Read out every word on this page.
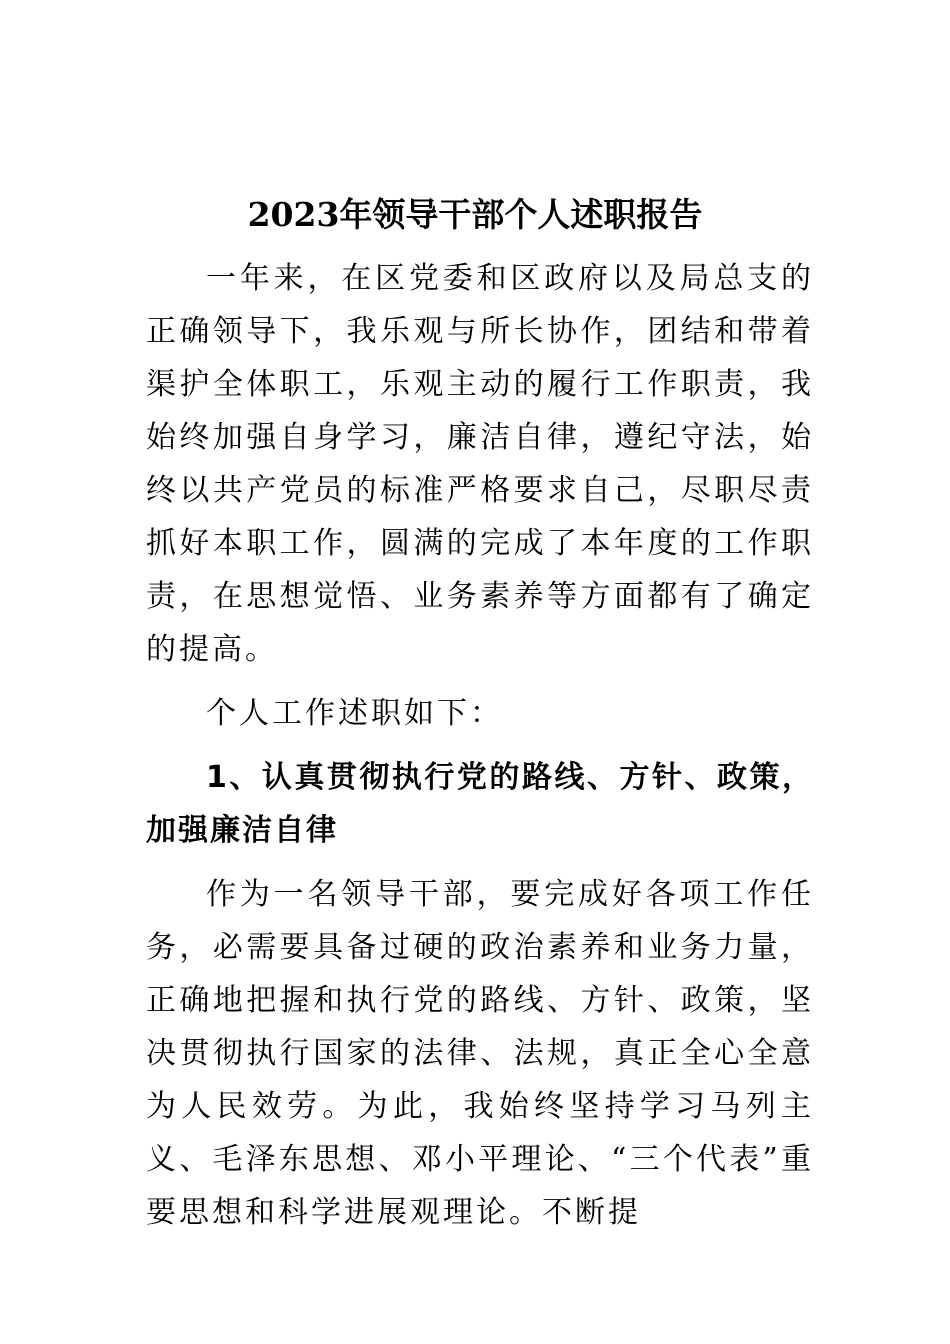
2023年领导干部个人述职报告

一年来，在区党委和区政府以及局总支的正确领导下，我乐观与所长协作，团结和带着渠护全体职工，乐观主动的履行工作职责，我始终加强自身学习，廉洁自律，遵纪守法，始终以共产党员的标准严格要求自己，尽职尽责抓好本职工作，圆满的完成了本年度的工作职责，在思想觉悟、业务素养等方面都有了确定的提高。

个人工作述职如下：

1、认真贯彻执行党的路线、方针、政策，加强廉洁自律

作为一名领导干部，要完成好各项工作任务，必需要具备过硬的政治素养和业务力量，正确地把握和执行党的路线、方针、政策，坚决贯彻执行国家的法律、法规，真正全心全意为人民效劳。为此，我始终坚持学习马列主义、毛泽东思想、邓小平理论、“三个代表”重要思想和科学进展观理论。不断提
